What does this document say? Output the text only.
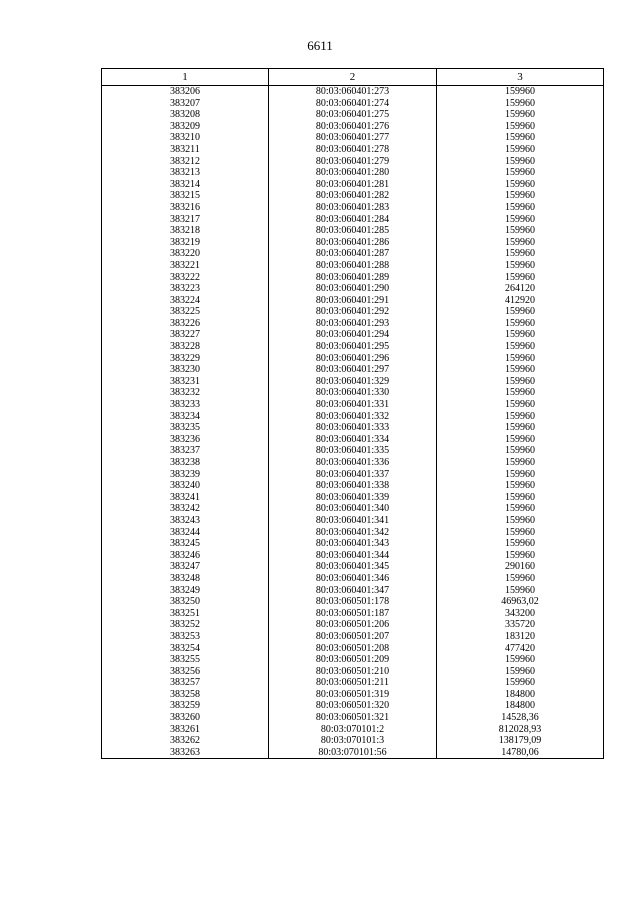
6611
1	2	3
383206	80:03:060401:273	159960
383207	80:03:060401:274	159960
383208	80:03:060401:275	159960
383209	80:03:060401:276	159960
383210	80:03:060401:277	159960
383211	80:03:060401:278	159960
383212	80:03:060401:279	159960
383213	80:03:060401:280	159960
383214	80:03:060401:281	159960
383215	80:03:060401:282	159960
383216	80:03:060401:283	159960
383217	80:03:060401:284	159960
383218	80:03:060401:285	159960
383219	80:03:060401:286	159960
383220	80:03:060401:287	159960
383221	80:03:060401:288	159960
383222	80:03:060401:289	159960
383223	80:03:060401:290	264120
383224	80:03:060401:291	412920
383225	80:03:060401:292	159960
383226	80:03:060401:293	159960
383227	80:03:060401:294	159960
383228	80:03:060401:295	159960
383229	80:03:060401:296	159960
383230	80:03:060401:297	159960
383231	80:03:060401:329	159960
383232	80:03:060401:330	159960
383233	80:03:060401:331	159960
383234	80:03:060401:332	159960
383235	80:03:060401:333	159960
383236	80:03:060401:334	159960
383237	80:03:060401:335	159960
383238	80:03:060401:336	159960
383239	80:03:060401:337	159960
383240	80:03:060401:338	159960
383241	80:03:060401:339	159960
383242	80:03:060401:340	159960
383243	80:03:060401:341	159960
383244	80:03:060401:342	159960
383245	80:03:060401:343	159960
383246	80:03:060401:344	159960
383247	80:03:060401:345	290160
383248	80:03:060401:346	159960
383249	80:03:060401:347	159960
383250	80:03:060501:178	46963,02
383251	80:03:060501:187	343200
383252	80:03:060501:206	335720
383253	80:03:060501:207	183120
383254	80:03:060501:208	477420
383255	80:03:060501:209	159960
383256	80:03:060501:210	159960
383257	80:03:060501:211	159960
383258	80:03:060501:319	184800
383259	80:03:060501:320	184800
383260	80:03:060501:321	14528,36
383261	80:03:070101:2	812028,93
383262	80:03:070101:3	138179,09
383263	80:03:070101:56	14780,06
